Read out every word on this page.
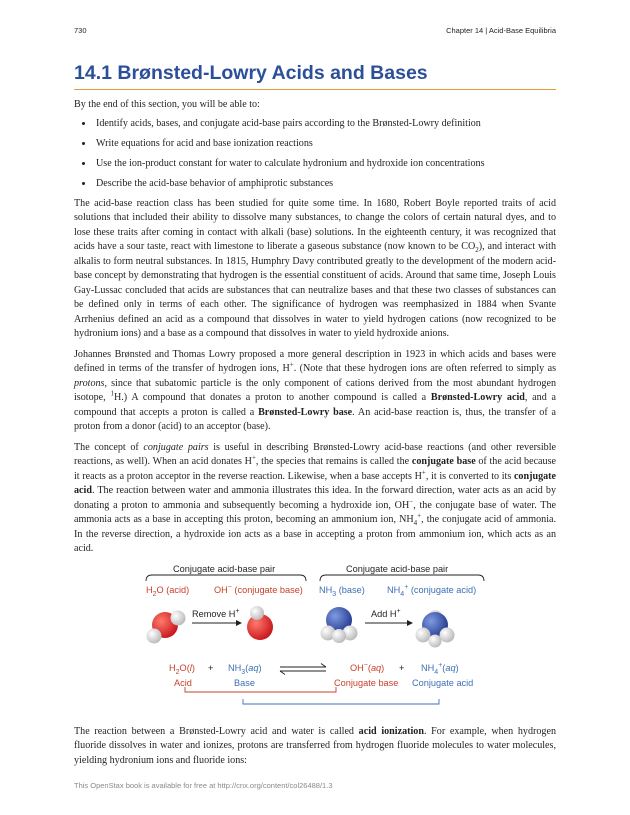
730	Chapter 14 | Acid-Base Equilibria
14.1 Brønsted-Lowry Acids and Bases

By the end of this section, you will be able to:

• Identify acids, bases, and conjugate acid-base pairs according to the Brønsted-Lowry definition
• Write equations for acid and base ionization reactions
• Use the ion-product constant for water to calculate hydronium and hydroxide ion concentrations
• Describe the acid-base behavior of amphiprotic substances

The acid-base reaction class has been studied for quite some time. In 1680, Robert Boyle reported traits of acid solutions that included their ability to dissolve many substances, to change the colors of certain natural dyes, and to lose these traits after coming in contact with alkali (base) solutions. In the eighteenth century, it was recognized that acids have a sour taste, react with limestone to liberate a gaseous substance (now known to be $CO_2$), and interact with alkalis to form neutral substances. In 1815, Humphry Davy contributed greatly to the development of the modern acid-base concept by demonstrating that hydrogen is the essential constituent of acids. Around that same time, Joseph Louis Gay-Lussac concluded that acids are substances that can neutralize bases and that these two classes of substances can be defined only in terms of each other. The significance of hydrogen was reemphasized in 1884 when Svante Arrhenius defined an acid as a compound that dissolves in water to yield hydrogen cations (now recognized to be hydronium ions) and a base as a compound that dissolves in water to yield hydroxide anions.

Johannes Brønsted and Thomas Lowry proposed a more general description in 1923 in which acids and bases were defined in terms of the transfer of hydrogen ions, H+. (Note that these hydrogen ions are often referred to simply as protons, since that subatomic particle is the only component of cations derived from the most abundant hydrogen isotope, $^1$H.) A compound that donates a proton to another compound is called a Brønsted-Lowry acid, and a compound that accepts a proton is called a Brønsted-Lowry base. An acid-base reaction is, thus, the transfer of a proton from a donor (acid) to an acceptor (base).

The concept of conjugate pairs is useful in describing Brønsted-Lowry acid-base reactions (and other reversible reactions, as well). When an acid donates H+, the species that remains is called the conjugate base of the acid because it reacts as a proton acceptor in the reverse reaction. Likewise, when a base accepts H+, it is converted to its conjugate acid. The reaction between water and ammonia illustrates this idea. In the forward direction, water acts as an acid by donating a proton to ammonia and subsequently becoming a hydroxide ion, OH−, the conjugate base of water. The ammonia acts as a base in accepting this proton, becoming an ammonium ion, $NH_4^+$, the conjugate acid of ammonia. In the reverse direction, a hydroxide ion acts as a base in accepting a proton from ammonium ion, which acts as an acid.

Conjugate acid-base pair	Conjugate acid-base pair
$H_2O$ (acid)	OH− (conjugate base) $NH_3$ (base) $NH_4^+$ (conjugate acid)
Remove H+	Add H+
$H_2O(l) + NH_3(aq)$	$OH^-(aq) + NH_4^+(aq)$
Acid	Base	Conjugate base Conjugate acid

The reaction between a Brønsted-Lowry acid and water is called acid ionization. For example, when hydrogen fluoride dissolves in water and ionizes, protons are transferred from hydrogen fluoride molecules to water molecules, yielding hydronium ions and fluoride ions:

This OpenStax book is available for free at http://cnx.org/content/col26488/1.3
